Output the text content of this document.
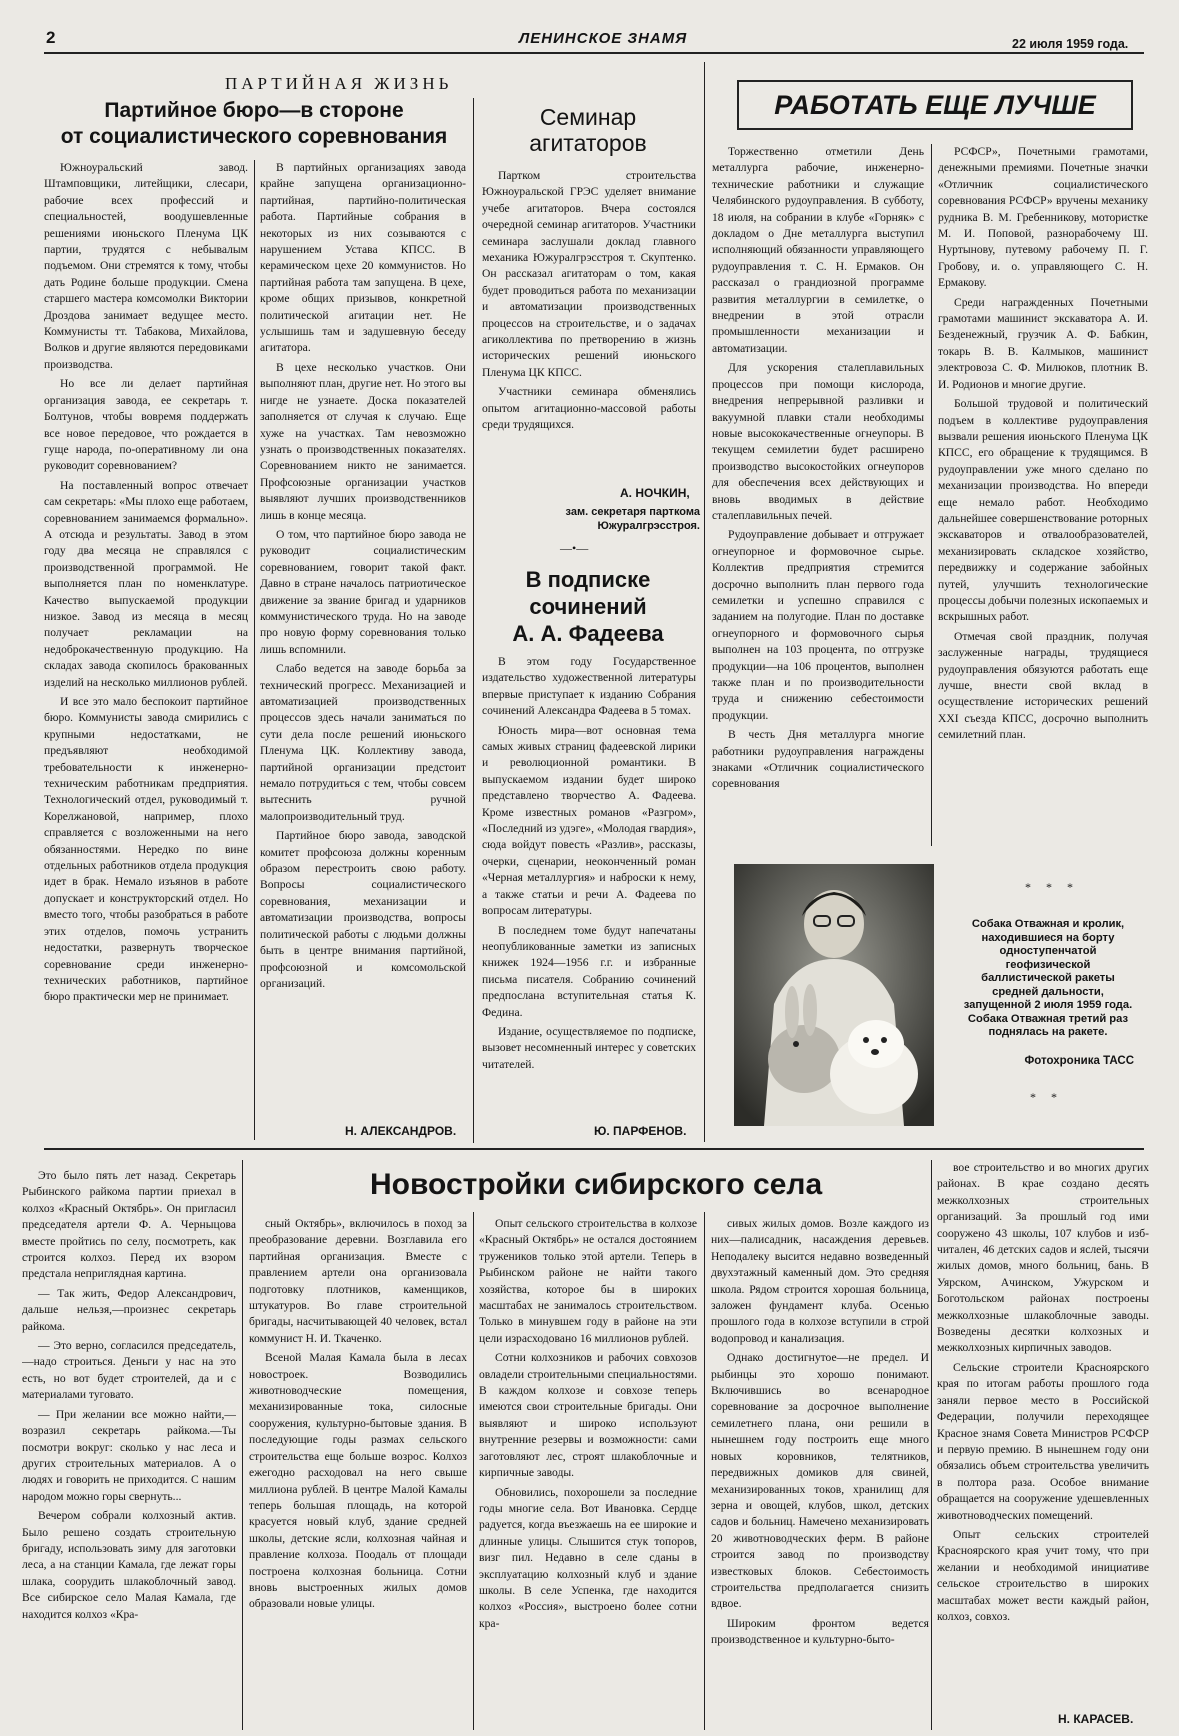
2	ЛЕНИНСКОЕ ЗНАМЯ	22 июля 1959 года.
ПАРТИЙНАЯ ЖИЗНЬ
Партийное бюро—в стороне
от социалистического соревнования

Южноуральский завод. Штамповщики, литейщики, слесари, рабочие всех профессий и специальностей, воодушевленные решениями июньского Пленума ЦК партии, трудятся с небывалым подъемом. Они стремятся к тому, чтобы дать Родине больше продукции. Смена старшего мастера комсомолки Виктории Дроздова занимает ведущее место. Коммунисты тт. Табакова, Михайлова, Волков и другие являются передовиками производства.

Но все ли делает партийная организация завода, ее секретарь т. Болтунов, чтобы вовремя поддержать все новое передовое, что рождается в гуще народа, по-оперативному ли она руководит соревнованием?

На поставленный вопрос отвечает сам секретарь: «Мы плохо еще работаем, соревнованием занимаемся формально». А отсюда и результаты. Завод в этом году два месяца не справлялся с производственной программой. Не выполняется план по номенклатуре. Качество выпускаемой продукции низкое. Завод из месяца в месяц получает рекламации на недоброкачественную продукцию. На складах завода скопилось бракованных изделий на несколько миллионов рублей.

И все это мало беспокоит партийное бюро. Коммунисты завода смирились с крупными недостатками, не предъявляют необходимой требовательности к инженерно-техническим работникам предприятия. Технологический отдел, руководимый т. Корелжановой, например, плохо справляется с возложенными на него обязанностями. Нередко по вине отдельных работников отдела продукция идет в брак. Немало изъянов в работе допускает и конструкторский отдел. Но вместо того, чтобы разобраться в работе этих отделов, помочь устранить недостатки, развернуть творческое соревнование среди инженерно-технических работников, партийное бюро практически мер не принимает.

В партийных организациях завода крайне запущена организационно-партийная, партийно-политическая работа. Партийные собрания в некоторых из них созываются с нарушением Устава КПСС. В керамическом цехе 20 коммунистов. Но партийная работа там запущена. В цехе, кроме общих призывов, конкретной политической агитации нет. Не услышишь там и задушевную беседу агитатора.

В цехе несколько участков. Они выполняют план, другие нет. Но этого вы нигде не узнаете. Доска показателей заполняется от случая к случаю. Еще хуже на участках. Там невозможно узнать о производственных показателях. Соревнованием никто не занимается. Профсоюзные организации участков выявляют лучших производственников лишь в конце месяца.

О том, что партийное бюро завода не руководит социалистическим соревнованием, говорит такой факт. Давно в стране началось патриотическое движение за звание бригад и ударников коммунистического труда. Но на заводе про новую форму соревнования только лишь вспомнили.

Слабо ведется на заводе борьба за технический прогресс. Механизацией и автоматизацией производственных процессов здесь начали заниматься по сути дела после решений июньского Пленума ЦК. Коллективу завода, партийной организации предстоит немало потрудиться с тем, чтобы совсем вытеснить ручной малопроизводительный труд.

Партийное бюро завода, заводской комитет профсоюза должны коренным образом перестроить свою работу. Вопросы социалистического соревнования, механизации и автоматизации производства, вопросы политической работы с людьми должны быть в центре внимания партийной, профсоюзной и комсомольской организаций.

Н. АЛЕКСАНДРОВ.
Семинар
агитаторов

Партком строительства Южноуральской ГРЭС уделяет внимание учебе агитаторов. Вчера состоялся очередной семинар агитаторов. Участники семинара заслушали доклад главного механика Южуралгрэсстроя т. Скуптенко. Он рассказал агитаторам о том, какая будет проводиться работа по механизации и автоматизации производственных процессов на строительстве, и о задачах агиколлектива по претворению в жизнь исторических решений июньского Пленума ЦК КПСС.

Участники семинара обменялись опытом агитационно-массовой работы среди трудящихся.

А. НОЧКИН,
зам. секретаря парткома Южуралгрэсстроя.
—•—
В подписке
сочинений
А. А. Фадеева

В этом году Государственное издательство художественной литературы впервые приступает к изданию Собрания сочинений Александра Фадеева в 5 томах.

Юность мира—вот основная тема самых живых страниц фадеевской лирики и революционной романтики. В выпускаемом издании будет широко представлено творчество А. Фадеева. Кроме известных романов «Разгром», «Последний из удэге», «Молодая гвардия», сюда войдут повесть «Разлив», рассказы, очерки, сценарии, неоконченный роман «Черная металлургия» и наброски к нему, а также статьи и речи А. Фадеева по вопросам литературы.

В последнем томе будут напечатаны неопубликованные заметки из записных книжек 1924—1956 г.г. и избранные письма писателя. Собранию сочинений предпослана вступительная статья К. Федина.

Издание, осуществляемое по подписке, вызовет несомненный интерес у советских читателей.

Ю. ПАРФЕНОВ.
РАБОТАТЬ ЕЩЕ ЛУЧШЕ

Торжественно отметили День металлурга рабочие, инженерно-технические работники и служащие Челябинского рудоуправления. В субботу, 18 июля, на собрании в клубе «Горняк» с докладом о Дне металлурга выступил исполняющий обязанности управляющего рудоуправления т. С. Н. Ермаков. Он рассказал о грандиозной программе развития металлургии в семилетке, о внедрении в этой отрасли промышленности механизации и автоматизации.

Для ускорения сталеплавильных процессов при помощи кислорода, внедрения непрерывной разливки и вакуумной плавки стали необходимы новые высококачественные огнеупоры. В текущем семилетии будет расширено производство высокостойких огнеупоров для обеспечения всех действующих и вновь вводимых в действие сталеплавильных печей.

Рудоуправление добывает и отгружает огнеупорное и формовочное сырье. Коллектив предприятия стремится досрочно выполнить план первого года семилетки и успешно справился с заданием на полугодие. План по доставке огнеупорного и формовочного сырья выполнен на 103 процента, по отгрузке продукции—на 106 процентов, выполнен также план и по производительности труда и снижению себестоимости продукции.

В честь Дня металлурга многие работники рудоуправления награждены знаками «Отличник социалистического соревнования

РСФСР», Почетными грамотами, денежными премиями. Почетные значки «Отличник социалистического соревнования РСФСР» вручены механику рудника В. М. Гребенникову, мотористке М. И. Поповой, разнорабочему Ш. Нуртынову, путевому рабочему П. Г. Гробову, и. о. управляющего С. Н. Ермакову.

Среди награжденных Почетными грамотами машинист экскаватора А. И. Безденежный, грузчик А. Ф. Бабкин, токарь В. В. Калмыков, машинист электровоза С. Ф. Милюков, плотник В. И. Родионов и многие другие.

Большой трудовой и политический подъем в коллективе рудоуправления вызвали решения июньского Пленума ЦК КПСС, его обращение к трудящимся. В рудоуправлении уже много сделано по механизации производства. Но впереди еще немало работ. Необходимо дальнейшее совершенствование роторных экскаваторов и отвалообразователей, механизировать складское хозяйство, передвижку и содержание забойных путей, улучшить технологические процессы добычи полезных ископаемых и вскрышных работ.

Отмечая свой праздник, получая заслуженные награды, трудящиеся рудоуправления обязуются работать еще лучше, внести свой вклад в осуществление исторических решений XXI съезда КПСС, досрочно выполнить семилетний план.

Собака Отважная и кролик, находившиеся на борту одноступенчатой геофизической баллистической ракеты средней дальности, запущенной 2 июля 1959 года. Собака Отважная третий раз поднялась на ракете.
Фотохроника ТАСС
* * *
* *
Новостройки сибирского села

Это было пять лет назад. Секретарь Рыбинского райкома партии приехал в колхоз «Красный Октябрь». Он пригласил председателя артели Ф. А. Черныцова вместе пройтись по селу, посмотреть, как строится колхоз. Перед их взором предстала неприглядная картина.

— Так жить, Федор Александрович, дальше нельзя,—произнес секретарь райкома.

— Это верно, согласился председатель,—надо строиться. Деньги у нас на это есть, но вот будет строителей, да и с материалами туговато.

— При желании все можно найти,—возразил секретарь райкома.—Ты посмотри вокруг: сколько у нас леса и других строительных материалов. А о людях и говорить не приходится. С нашим народом можно горы свернуть...

Вечером собрали колхозный актив. Было решено создать строительную бригаду, использовать зиму для заготовки леса, а на станции Камала, где лежат горы шлака, соорудить шлакоблочный завод. Все сибирское село Малая Камала, где находится колхоз «Кра-

сный Октябрь», включилось в поход за преобразование деревни. Возглавила его партийная организация. Вместе с правлением артели она организовала подготовку плотников, каменщиков, штукатуров. Во главе строительной бригады, насчитывающей 40 человек, встал коммунист Н. И. Ткаченко.

Всеной Малая Камала была в лесах новостроек. Возводились животноводческие помещения, механизированные тока, силосные сооружения, культурно-бытовые здания. В последующие годы размах сельского строительства еще больше возрос. Колхоз ежегодно расходовал на него свыше миллиона рублей. В центре Малой Камалы теперь большая площадь, на которой красуется новый клуб, здание средней школы, детские ясли, колхозная чайная и правление колхоза. Поодаль от площади построена колхозная больница. Сотни вновь выстроенных жилых домов образовали новые улицы.

Опыт сельского строительства в колхозе «Красный Октябрь» не остался достоянием тружеников только этой артели. Теперь в Рыбинском районе не найти такого хозяйства, которое бы в широких масштабах не занималось строительством. Только в минувшем году в районе на эти цели израсходовано 16 миллионов рублей.

Сотни колхозников и рабочих совхозов овладели строительными специальностями. В каждом колхозе и совхозе теперь имеются свои строительные бригады. Они выявляют и широко используют внутренние резервы и возможности: сами заготовляют лес, строят шлакоблочные и кирпичные заводы.

Обновились, похорошели за последние годы многие села. Вот Ивановка. Сердце радуется, когда въезжаешь на ее широкие и длинные улицы. Слышится стук топоров, визг пил. Недавно в селе сданы в эксплуатацию колхозный клуб и здание школы. В селе Успенка, где находится колхоз «Россия», выстроено более сотни кра-

сивых жилых домов. Возле каждого из них—палисадник, насаждения деревьев. Неподалеку высится недавно возведенный двухэтажный каменный дом. Это средняя школа. Рядом строится хорошая больница, заложен фундамент клуба. Осенью прошлого года в колхозе вступили в строй водопровод и канализация.

Однако достигнутое—не предел. И рыбинцы это хорошо понимают. Включившись во всенародное соревнование за досрочное выполнение семилетнего плана, они решили в нынешнем году построить еще много новых коровников, телятников, передвижных домиков для свиней, механизированных токов, хранилищ для зерна и овощей, клубов, школ, детских садов и больниц. Намечено механизировать 20 животноводческих ферм. В районе строится завод по производству известковых блоков. Себестоимость строительства предполагается снизить вдвое.

Широким фронтом ведется производственное и культурно-быто-

вое строительство и во многих других районах. В крае создано десять межколхозных строительных организаций. За прошлый год ими сооружено 43 школы, 107 клубов и изб-читален, 46 детских садов и яслей, тысячи жилых домов, много больниц, бань. В Уярском, Ачинском, Ужурском и Боготольском районах построены межколхозные шлакоблочные заводы. Возведены десятки колхозных и межколхозных кирпичных заводов.

Сельские строители Красноярского края по итогам работы прошлого года заняли первое место в Российской Федерации, получили переходящее Красное знамя Совета Министров РСФСР и первую премию. В нынешнем году они обязались объем строительства увеличить в полтора раза. Особое внимание обращается на сооружение удешевленных животноводческих помещений.

Опыт сельских строителей Красноярского края учит тому, что при желании и необходимой инициативе сельское строительство в широких масштабах может вести каждый район, колхоз, совхоз.

Н. КАРАСЕВ.
